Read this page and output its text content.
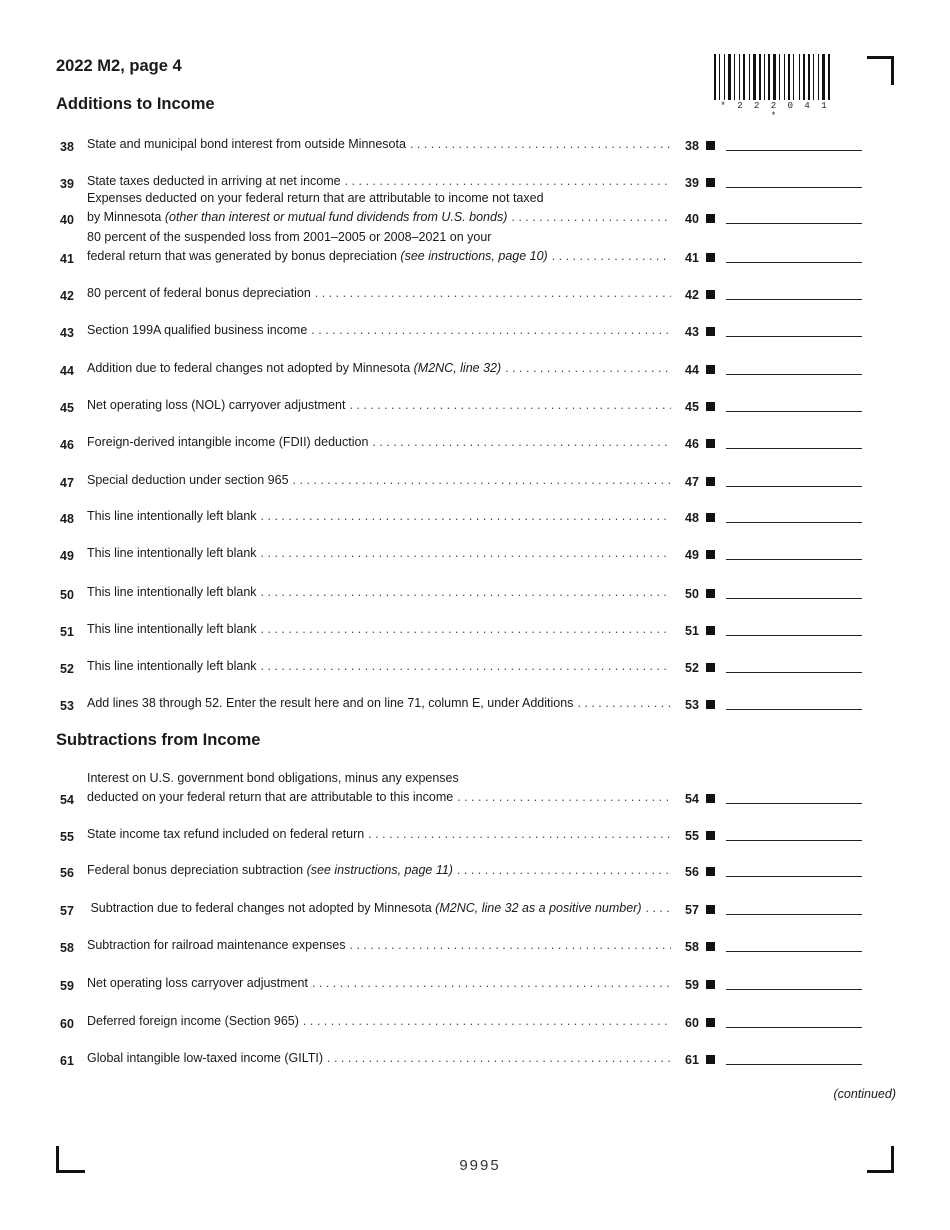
2022 M2, page 4
* 2 2 2 0 4 1 *
Additions to Income
Subtractions from Income
38	State and municipal bond interest from outside Minnesota . . .	38
39	State taxes deducted in arriving at net income . . .	39
40
Expenses deducted on your federal return that are attributable to income not taxed
by Minnesota (other than interest or mutual fund dividends from U.S. bonds) . . .	40
41
80 percent of the suspended loss from 2001–2005 or 2008–2021 on your
federal return that was generated by bonus depreciation (see instructions, page 10) . . .	41
42	80 percent of federal bonus depreciation . . .	42
43	Section 199A qualified business income . . .	43
44	Addition due to federal changes not adopted by Minnesota (M2NC, line 32) . . .	44
45	Net operating loss (NOL) carryover adjustment . . .	45
46	Foreign-derived intangible income (FDII) deduction . . .	46
47	Special deduction under section 965 . . .	47
48	This line intentionally left blank . . .	48
49	This line intentionally left blank . . .	49
50	This line intentionally left blank . . .	50
51	This line intentionally left blank . . .	51
52	This line intentionally left blank . . .	52
53	Add lines 38 through 52. Enter the result here and on line 71, column E, under Additions . . .	53
54
Interest on U.S. government bond obligations, minus any expenses
deducted on your federal return that are attributable to this income . . .	54
55	State income tax refund included on federal return . . .	55
56	Federal bonus depreciation subtraction (see instructions, page 11) . . .	56
57	Subtraction due to federal changes not adopted by Minnesota (M2NC, line 32 as a positive number) . . .	57
58	Subtraction for railroad maintenance expenses . . .	58
59	Net operating loss carryover adjustment . . .	59
60	Deferred foreign income (Section 965) . . .	60
61	Global intangible low-taxed income (GILTI) . . .	61
(continued)
9995
